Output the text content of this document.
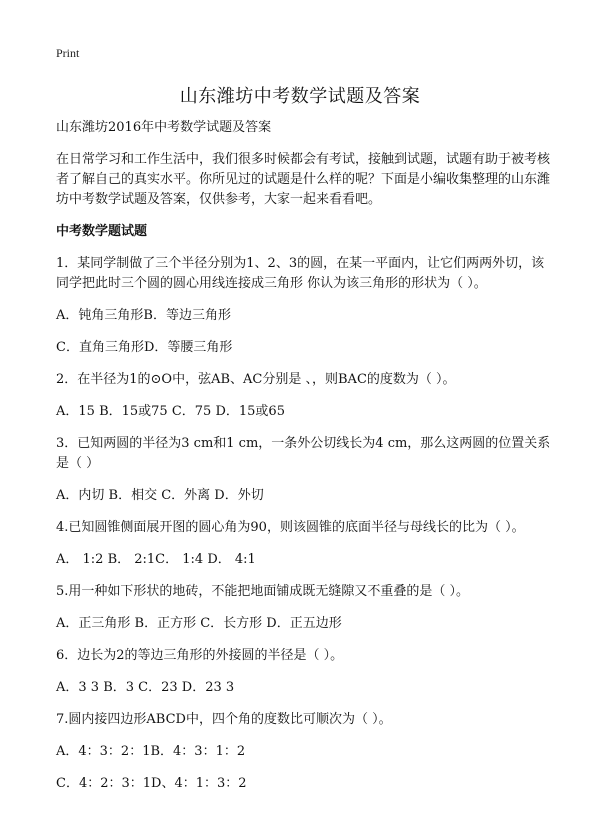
Print
山东潍坊中考数学试题及答案
山东潍坊2016年中考数学试题及答案
在日常学习和工作生活中，我们很多时候都会有考试，接触到试题，试题有助于被考核者了解自己的真实水平。你所见过的试题是什么样的呢？下面是小编收集整理的山东潍坊中考数学试题及答案，仅供参考，大家一起来看看吧。
中考数学题试题
1．某同学制做了三个半径分别为1、2、3的圆，在某一平面内，让它们两两外切，该同学把此时三个圆的圆心用线连接成三角形 你认为该三角形的形状为（ ）。
A．钝角三角形B．等边三角形
C．直角三角形D．等腰三角形
2．在半径为1的⊙O中，弦AB、AC分别是 、，则BAC的度数为（ ）。
A．15 B．15或75 C．75 D．15或65
3．已知两圆的半径为3 cm和1 cm，一条外公切线长为4 cm，那么这两圆的位置关系是（ ）
A．内切 B．相交 C．外离 D．外切
4.已知圆锥侧面展开图的圆心角为90，则该圆锥的底面半径与母线长的比为（ ）。
A． 1:2 B． 2:1C． 1:4 D． 4:1
5.用一种如下形状的地砖，不能把地面铺成既无缝隙又不重叠的是（ ）。
A．正三角形 B．正方形 C．长方形 D．正五边形
6．边长为2的等边三角形的外接圆的半径是（ ）。
A．3 3 B．3 C．23 D．23 3
7.圆内接四边形ABCD中，四个角的度数比可顺次为（ ）。
A．4：3：2：1B．4：3：1：2
C．4：2：3：1D、4：1：3：2
